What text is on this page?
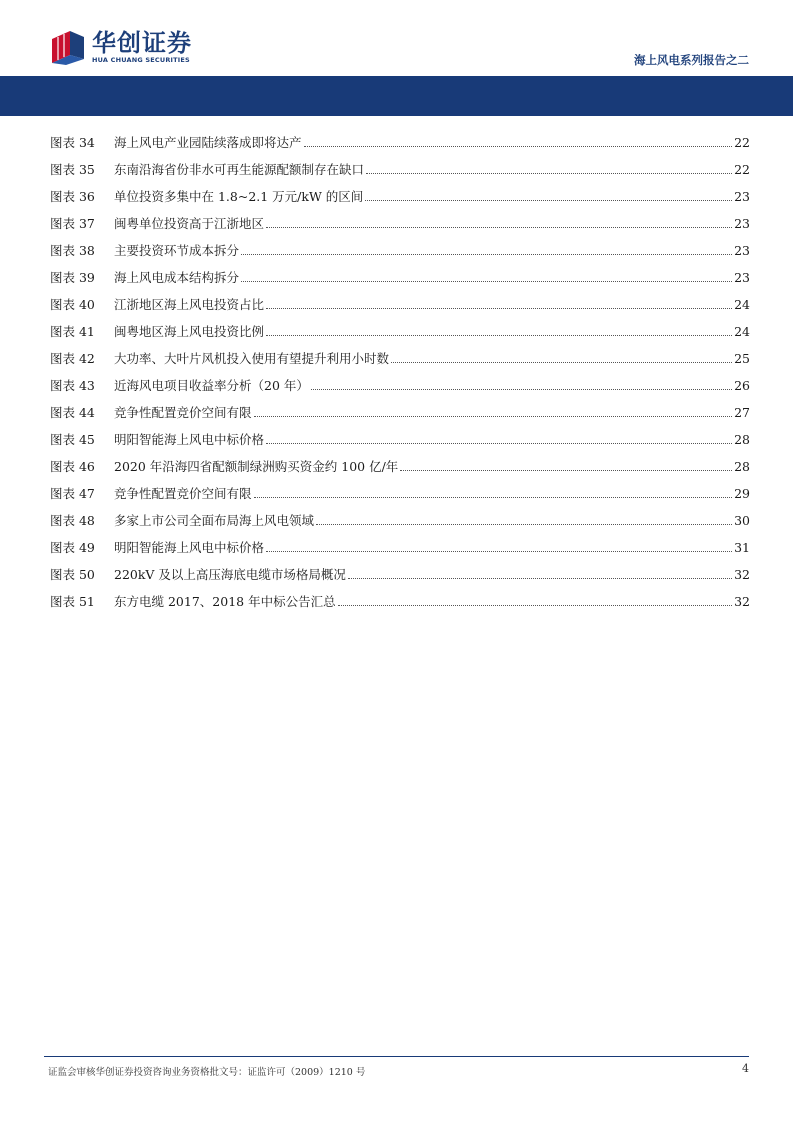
华创证券
HUA CHUANG SECURITIES	海上风电系列报告之二
图表 34	海上风电产业园陆续落成即将达产	22
图表 35	东南沿海省份非水可再生能源配额制存在缺口	22
图表 36	单位投资多集中在 1.8~2.1 万元/kW 的区间	23
图表 37	闽粤单位投资高于江浙地区	23
图表 38	主要投资环节成本拆分	23
图表 39	海上风电成本结构拆分	23
图表 40	江浙地区海上风电投资占比	24
图表 41	闽粤地区海上风电投资比例	24
图表 42	大功率、大叶片风机投入使用有望提升利用小时数	25
图表 43	近海风电项目收益率分析（20 年）	26
图表 44	竞争性配置竞价空间有限	27
图表 45	明阳智能海上风电中标价格	28
图表 46	2020 年沿海四省配额制绿洲购买资金约 100 亿/年	28
图表 47	竞争性配置竞价空间有限	29
图表 48	多家上市公司全面布局海上风电领域	30
图表 49	明阳智能海上风电中标价格	31
图表 50	220kV 及以上高压海底电缆市场格局概况	32
图表 51	东方电缆 2017、2018 年中标公告汇总	32
证监会审核华创证券投资咨询业务资格批文号：证监许可（2009）1210 号	4
